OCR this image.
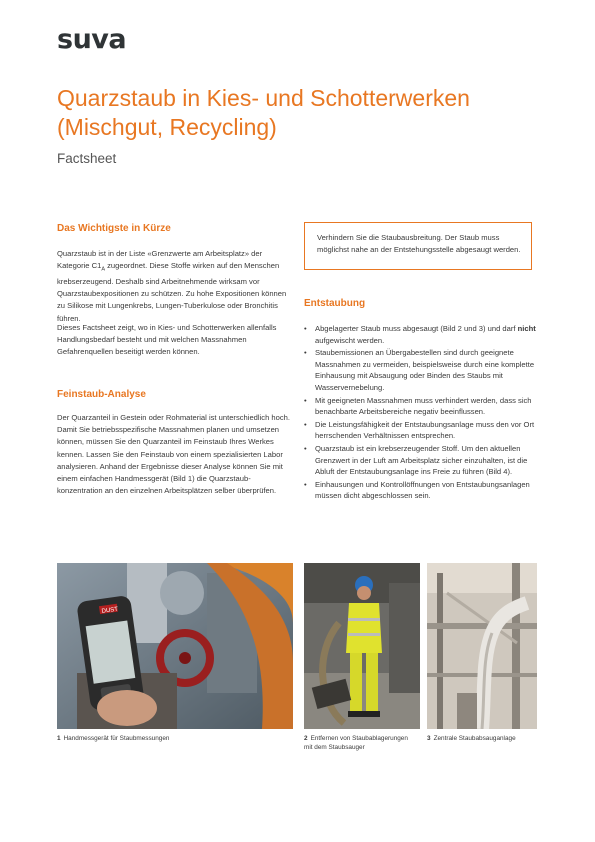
suva
Quarzstaub in Kies- und Schotterwerken
(Mischgut, Recycling)
Factsheet
Das Wichtigste in Kürze

Quarzstaub ist in der Liste «Grenzwerte am Arbeitsplatz» der Kategorie $C1_A$ zugeordnet. Diese Stoffe wirken auf den Menschen krebserzeugend. Deshalb sind Arbeitnehmende wirksam vor Quarzstaubexpositionen zu schützen. Zu hohe Expositionen können zu Silikose mit Lungenkrebs, Lungen-Tuberkulose oder Bronchitis führen.

Dieses Factsheet zeigt, wo in Kies- und Schotterwerken allenfalls Handlungsbedarf besteht und mit welchen Massnahmen Gefahrenquellen beseitigt werden können.

Feinstaub-Analyse

Der Quarzanteil in Gestein oder Rohmaterial ist unterschiedlich hoch. Damit Sie betriebsspezifische Massnahmen planen und umsetzen können, müssen Sie den Quarzanteil im Feinstaub Ihres Werkes kennen. Lassen Sie den Feinstaub von einem spezialisierten Labor analysieren. Anhand der Ergebnisse dieser Analyse können Sie mit einem einfachen Handmessgerät (Bild 1) die Quarzstaubkonzentration an den einzelnen Arbeitsplätzen selber überprüfen.

Verhindern Sie die Staubausbreitung. Der Staub muss möglichst nahe an der Entstehungsstelle abgesaugt werden.
Entstaubung
• Abgelagerter Staub muss abgesaugt (Bild 2 und 3) und darf nicht aufgewischt werden.
• Staubemissionen an Übergabestellen sind durch geeignete Massnahmen zu vermeiden, beispielsweise durch eine komplette Einhausung mit Absaugung oder Binden des Staubs mit Wasservernebelung.
• Mit geeigneten Massnahmen muss verhindert werden, dass sich benachbarte Arbeitsbereiche negativ beeinflussen.
• Die Leistungsfähigkeit der Entstaubungsanlage muss den vor Ort herrschenden Verhältnissen entsprechen.
• Quarzstaub ist ein krebserzeugender Stoff. Um den aktuellen Grenzwert in der Luft am Arbeitsplatz sicher einzuhalten, ist die Abluft der Entstaubungsanlage ins Freie zu führen (Bild 4).
• Einhausungen und Kontrollöffnungen von Entstaubungsanlagen müssen dicht abgeschlossen sein.
DUST
1 Handmessgerät für Staubmessungen	2 Entfernen von Staubablagerungen mit dem Staubsauger
3 Zentrale Staubabsauganlage
